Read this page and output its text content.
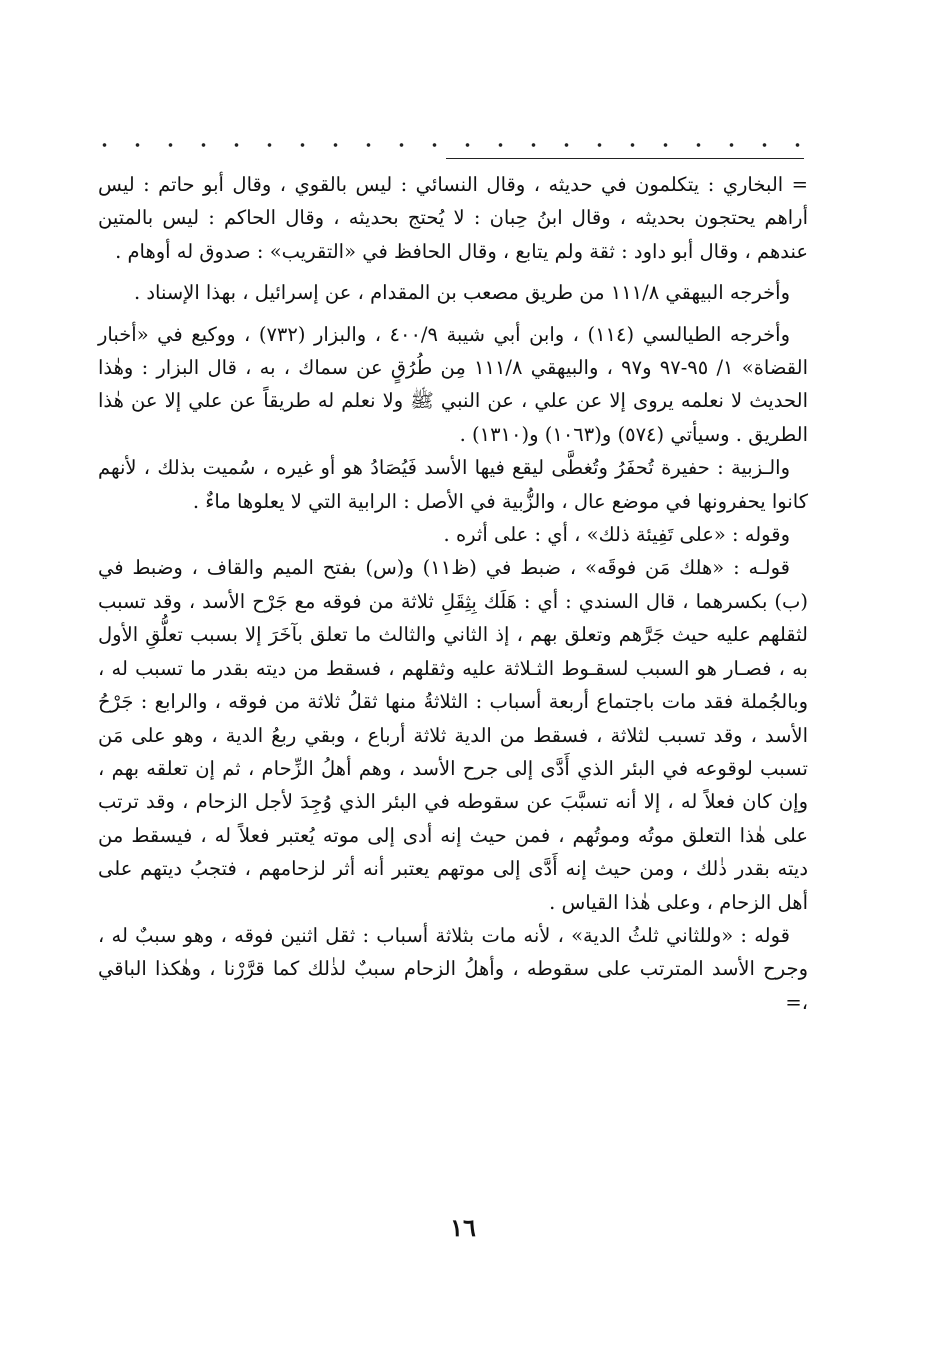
= البخاري : يتكلمون في حديثه ، وقال النسائي : ليس بالقوي ، وقال أبو حاتم : ليس أراهم يحتجون بحديثه ، وقال ابنُ حِبان : لا يُحتج بحديثه ، وقال الحاكم : ليس بالمتين عندهم ، وقال أبو داود : ثقة ولم يتابع ، وقال الحافظ في «التقريب» : صدوق له أوهام .

وأخرجه البيهقي ١١١/٨ من طريق مصعب بن المقدام ، عن إسرائيل ، بهذا الإسناد .

وأخرجه الطيالسي (١١٤) ، وابن أبي شيبة ٤٠٠/٩ ، والبزار (٧٣٢) ، ووكيع في «أخبار القضاة» ١/ ٩٥-٩٧ و٩٧ ، والبيهقي ١١١/٨ مِن طُرُقٍ عن سماك ، به ، قال البزار : وهٰذا الحديث لا نعلمه يروى إلا عن علي ، عن النبي ﷺ ولا نعلم له طريقاً عن علي إلا عن هٰذا الطريق . وسيأتي (٥٧٤) و(١٠٦٣) و(١٣١٠) .

والـزبية : حفيرة تُحفَرُ وتُغطَّى ليقع فيها الأسد فَيُصَادُ هو أو غيره ، سُميت بذلك ، لأنهم كانوا يحفرونها في موضع عال ، والزُّبية في الأصل : الرابية التي لا يعلوها ماءٌ .

وقوله : «على تَفِيئة ذلك» ، أي : على أثره .

قولـه : «هلك مَن فوقَه» ، ضبط في (ظ١١) و(س) بفتح الميم والقاف ، وضبط في (ب) بكسرهما ، قال السندي : أي : هَلَك بِثِقَلِ ثلاثة من فوقه مع جَرْح الأسد ، وقد تسبب لثقلهم عليه حيث جَرَّهم وتعلق بهم ، إذ الثاني والثالث ما تعلق بآخَرَ إلا بسبب تعلُّقِ الأول به ، فصـار هو السبب لسقـوط الثـلاثة عليه وثقلهم ، فسقط من ديته بقدر ما تسبب له ، وبالجُملة فقد مات باجتماع أربعة أسباب : الثلاثةُ منها ثقلُ ثلاثة من فوقه ، والرابع : جَرْحُ الأسد ، وقد تسبب لثلاثة ، فسقط من الدية ثلاثة أرباع ، وبقي ربعُ الدية ، وهو على مَن تسبب لوقوعه في البئر الذي أَدَّى إلى جرح الأسد ، وهم أهلُ الزِّحام ، ثم إن تعلقه بهم ، وإن كان فعلاً له ، إلا أنه تسبَّبَ عن سقوطه في البئر الذي وُجِدَ لأجل الزحام ، وقد ترتب على هٰذا التعلق موتُه وموتُهم ، فمن حيث إنه أدى إلى موته يُعتبر فعلاً له ، فيسقط من ديته بقدر ذٰلك ، ومن حيث إنه أَدَّى إلى موتهم يعتبر أنه أثر لزحامهم ، فتجبُ ديتهم على أهل الزحام ، وعلى هٰذا القياس .

قوله : «وللثاني ثلثُ الدية» ، لأنه مات بثلاثة أسباب : ثقل اثنين فوقه ، وهو سببٌ له ، وجرح الأسد المترتب على سقوطه ، وأهلُ الزحام سببٌ لذٰلك كما قرَّرْنا ، وهٰكذا الباقي ،=

١٦
